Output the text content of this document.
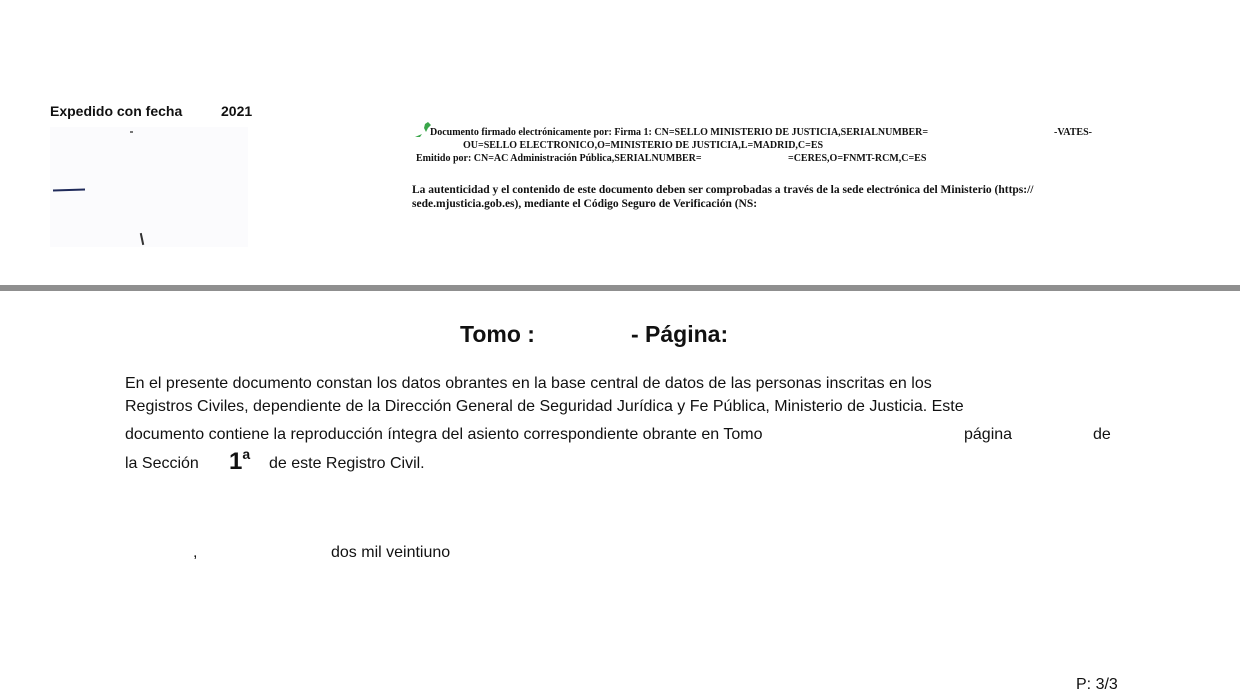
Expedido con fecha	2021
Documento firmado electrónicamente por: Firma 1: CN=SELLO MINISTERIO DE JUSTICIA,SERIALNUMBER=	-VATES-
OU=SELLO ELECTRONICO,O=MINISTERIO DE JUSTICIA,L=MADRID,C=ES
Emitido por: CN=AC Administración Pública,SERIALNUMBER=	=CERES,O=FNMT-RCM,C=ES
La autenticidad y el contenido de este documento deben ser comprobadas a través de la sede electrónica del Ministerio (https:// sede.mjusticia.gob.es), mediante el Código Seguro de Verificación (NS:
Tomo :	- Página:
En el presente documento constan los datos obrantes en la base central de datos de las personas inscritas en los
Registros Civiles, dependiente de la Dirección General de Seguridad Jurídica y Fe Pública, Ministerio de Justicia. Este
documento contiene la reproducción íntegra del asiento correspondiente obrante en Tomo	página	de
la Sección 1$^a$
de este Registro Civil.
,	dos mil veintiuno
P: 3/3
